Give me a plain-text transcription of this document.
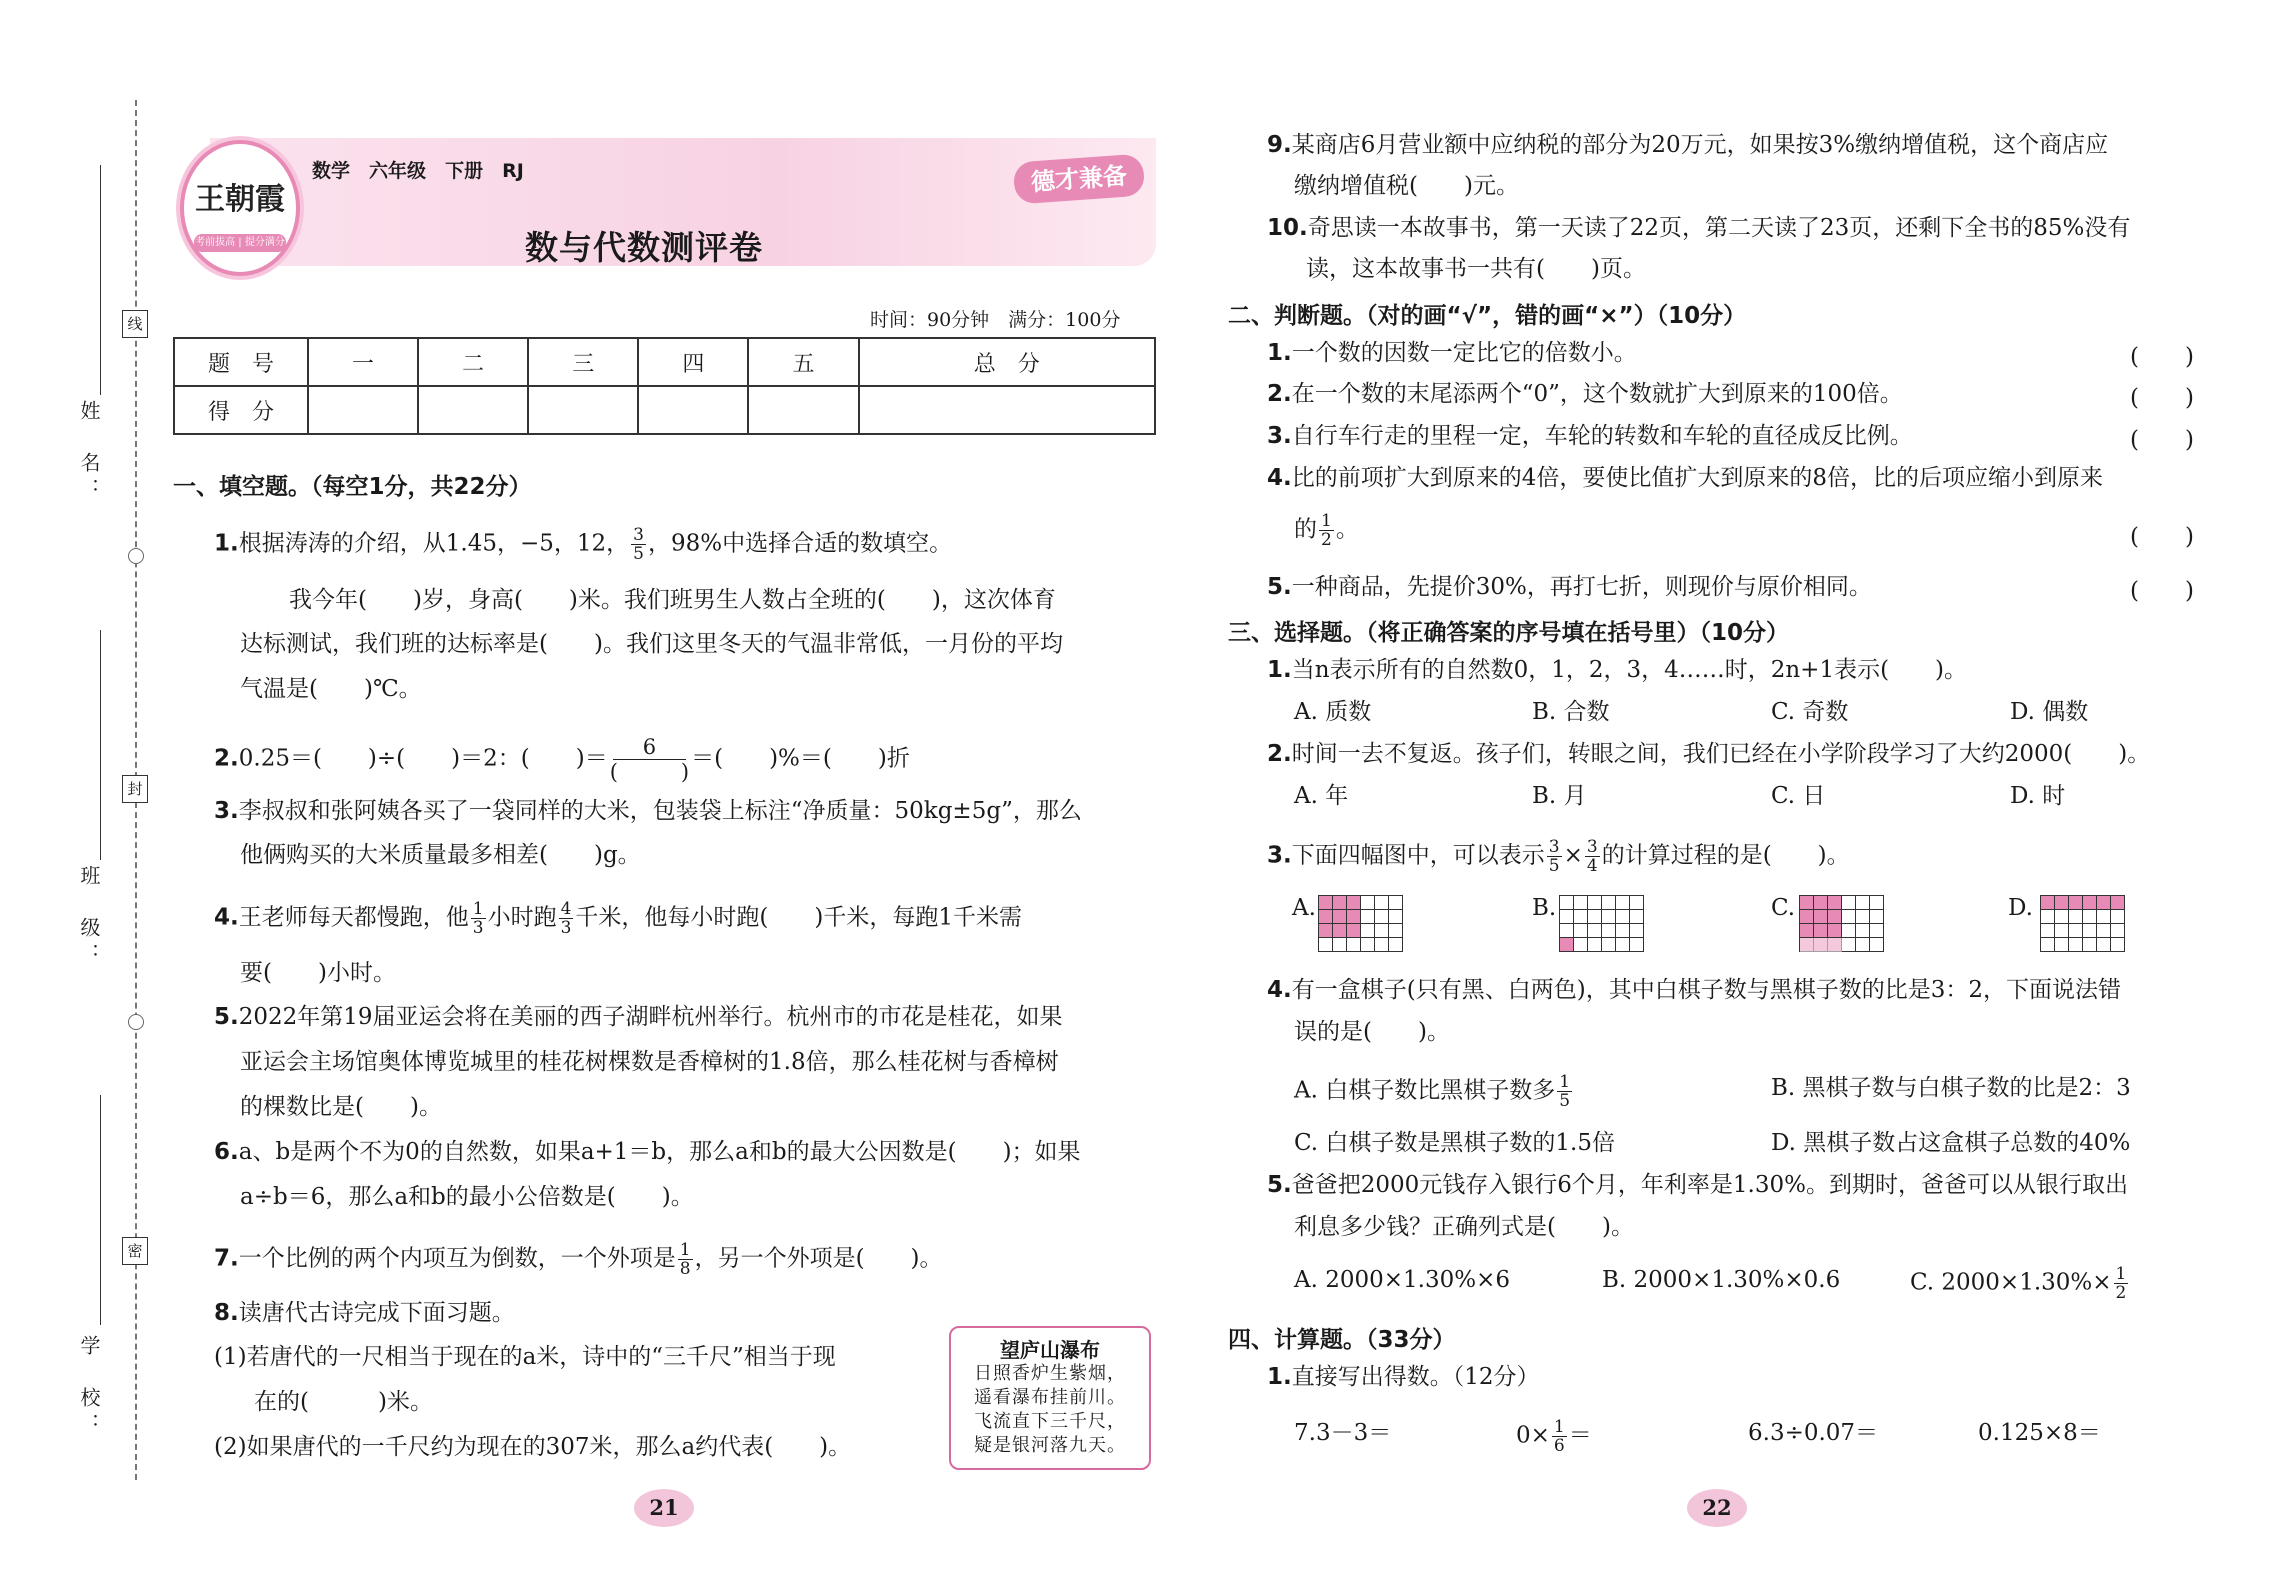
姓　名：
班　级：
学　校：
线
封
密
王朝霞
考前拔高 | 提分满分
数学　 六年级　 下册　 RJ	德才兼备
数与代数测评卷
时间：90分钟　满分：100分
题　号	一	二	三	四	五	总　分
得　分						
一、填空题。（每空1分，共22分）
1.根据涛涛的介绍，从1.45，−5，12， $\frac{3}{5}$ ，98%中选择合适的数填空。
我今年(　　)岁，身高(　　)米。我们班男生人数占全班的(　　)，这次体育
达标测试，我们班的达标率是(　　)。我们这里冬天的气温非常低，一月份的平均
气温是(　　)℃。
2.0.25＝(　　)÷(　　)＝2：(　　)＝ $\frac{6}{( )}$ ＝(　　)%＝(　　)折
3.李叔叔和张阿姨各买了一袋同样的大米，包装袋上标注“净质量：50kg±5g”，那么
他俩购买的大米质量最多相差(　　)g。
4.王老师每天都慢跑，他 $\frac{1}{3}$ 小时跑 $\frac{4}{3}$ 千米，他每小时跑(　　)千米，每跑1千米需
要(　　)小时。
5.2022年第19届亚运会将在美丽的西子湖畔杭州举行。杭州市的市花是桂花，如果
亚运会主场馆奥体博览城里的桂花树棵数是香樟树的1.8倍，那么桂花树与香樟树
的棵数比是(　　)。
6.a、b是两个不为0的自然数，如果a+1＝b，那么a和b的最大公因数是(　　)；如果
a÷b＝6，那么a和b的最小公倍数是(　　)。
7.一个比例的两个内项互为倒数，一个外项是 $\frac{1}{8}$ ，另一个外项是(　　)。
8.读唐代古诗完成下面习题。
(1)若唐代的一尺相当于现在的a米，诗中的“三千尺”相当于现
在的(　　　)米。
(2)如果唐代的一千尺约为现在的307米，那么a约代表(　　)。
望庐山瀑布
日照香炉生紫烟，
遥看瀑布挂前川。
飞流直下三千尺，
疑是银河落九天。
21
9.某商店6月营业额中应纳税的部分为20万元，如果按3%缴纳增值税，这个商店应
缴纳增值税(　　)元。
10.奇思读一本故事书，第一天读了22页，第二天读了23页，还剩下全书的85%没有
读，这本故事书一共有(　　)页。
二、判断题。（对的画“√”，错的画“×”）（10分）
1.一个数的因数一定比它的倍数小。	(　　)
2.在一个数的末尾添两个“0”，这个数就扩大到原来的100倍。	(　　)
3.自行车行走的里程一定，车轮的转数和车轮的直径成反比例。	(　　)
4.比的前项扩大到原来的4倍，要使比值扩大到原来的8倍，比的后项应缩小到原来
的 $\frac{1}{2}$ 。	(　　)
5.一种商品，先提价30%，再打七折，则现价与原价相同。	(　　)
三、选择题。（将正确答案的序号填在括号里）（10分）
1.当n表示所有的自然数0，1，2，3，4……时，2n+1表示(　　)。
A. 质数	B. 合数	C. 奇数	D. 偶数
2.时间一去不复返。孩子们，转眼之间，我们已经在小学阶段学习了大约2000(　　)。
A. 年	B. 月	C. 日	D. 时
3.下面四幅图中，可以表示 $\frac{3}{5} \times \frac{3}{4}$ 的计算过程的是(　　)。
A.	B.	C.	D.
4.有一盒棋子(只有黑、白两色)，其中白棋子数与黑棋子数的比是3：2，下面说法错
误的是(　　)。
A. 白棋子数比黑棋子数多 $\frac{1}{5}$	B. 黑棋子数与白棋子数的比是2：3
C. 白棋子数是黑棋子数的1.5倍	D. 黑棋子数占这盒棋子总数的40%
5.爸爸把2000元钱存入银行6个月，年利率是1.30%。到期时，爸爸可以从银行取出
利息多少钱？正确列式是(　　)。
A. 2000×1.30%×6	B. 2000×1.30%×0.6	C. $2000\times 1.30\%\times \frac{1}{2}$
四、计算题。（33分）
1.直接写出得数。（12分）
7.3－3＝	$0\times \frac{1}{6}$ ＝	6.3÷0.07＝	0.125×8＝
22
